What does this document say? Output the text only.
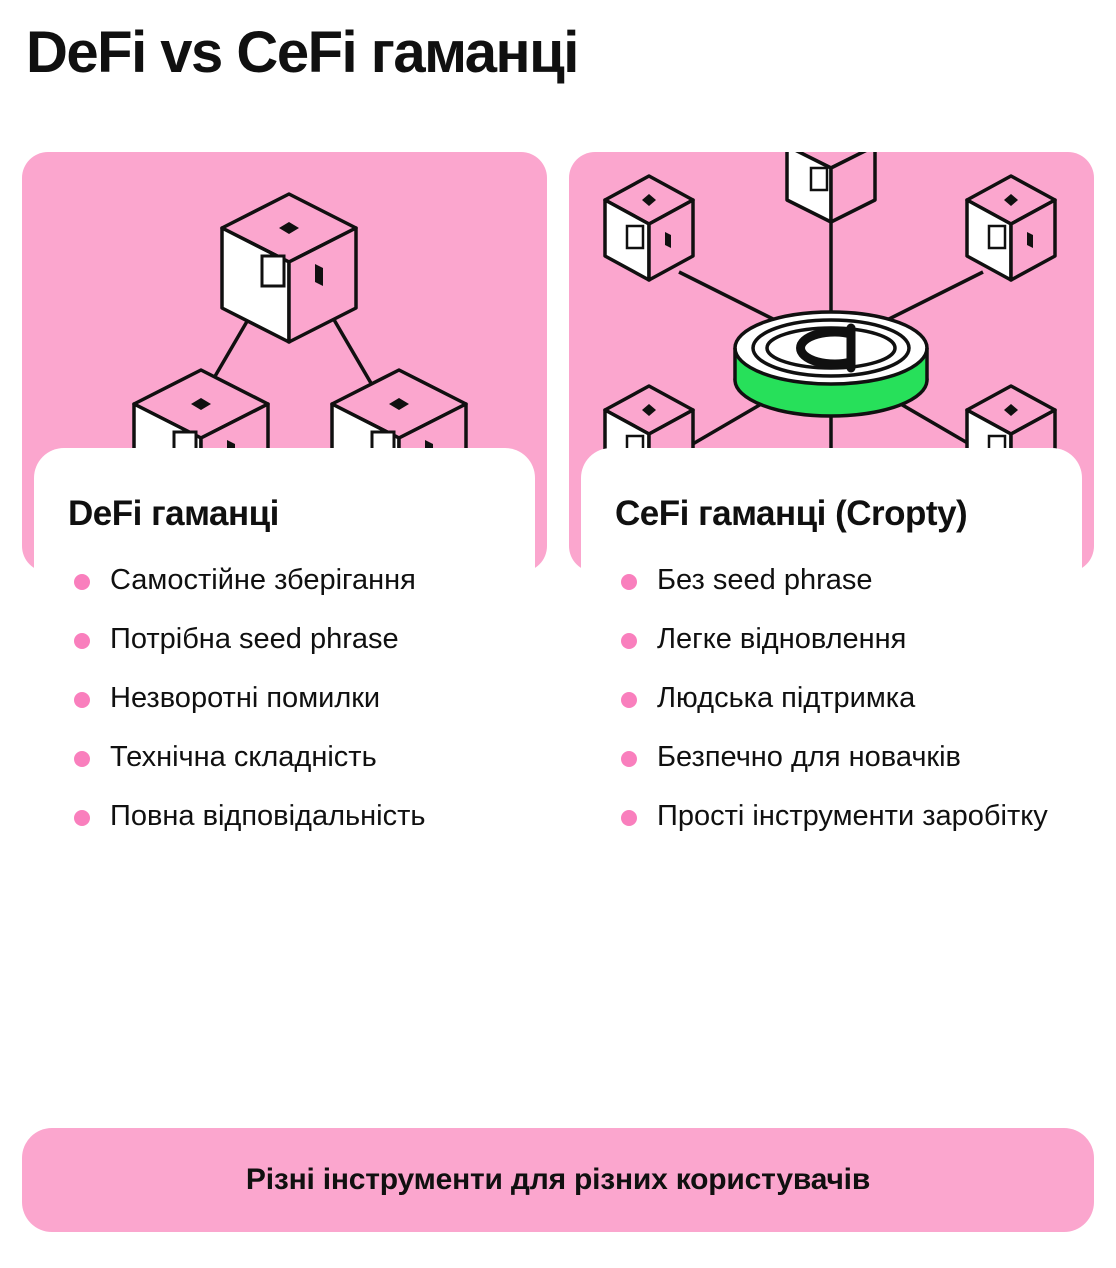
DeFi vs CeFi гаманці
DeFi гаманці
Самостійне зберігання
Потрібна seed phrase
Незворотні помилки
Технічна складність
Повна відповідальність
CeFi гаманці (Cropty)
Без seed phrase
Легке відновлення
Людська підтримка
Безпечно для новачків
Прості інструменти заробітку
Різні інструменти для різних користувачів
